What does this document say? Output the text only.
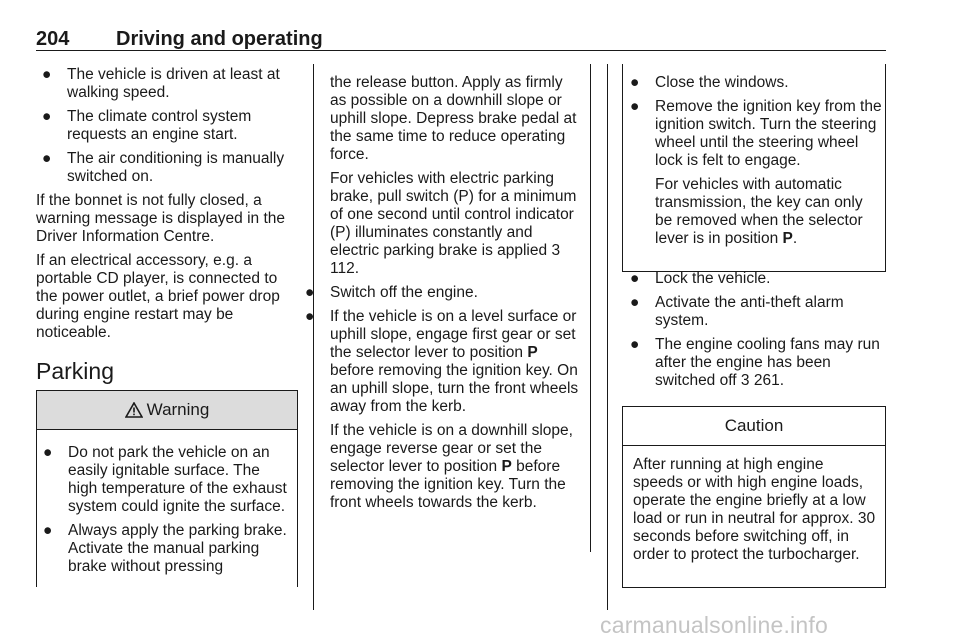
204 Driving and operating
● The vehicle is driven at least at walking speed.
● The climate control system requests an engine start.
● The air conditioning is manually switched on.

If the bonnet is not fully closed, a warning message is displayed in the Driver Information Centre.

If an electrical accessory, e.g. a portable CD player, is connected to the power outlet, a brief power drop during engine restart may be noticeable.

Parking
Warning
● Do not park the vehicle on an easily ignitable surface. The high temperature of the exhaust system could ignite the surface.
● Always apply the parking brake. Activate the manual parking brake without pressing

the release button. Apply as firmly as possible on a downhill slope or uphill slope. Depress brake pedal at the same time to reduce operating force.

For vehicles with electric parking brake, pull switch (P) for a minimum of one second until control indicator (P) illuminates constantly and electric parking brake is applied 3 112.

● Switch off the engine.
● If the vehicle is on a level surface or uphill slope, engage first gear or set the selector lever to position P before removing the ignition key. On an uphill slope, turn the front wheels away from the kerb.

If the vehicle is on a downhill slope, engage reverse gear or set the selector lever to position P before removing the ignition key. Turn the front wheels towards the kerb.

● Close the windows.
● Remove the ignition key from the ignition switch. Turn the steering wheel until the steering wheel lock is felt to engage.

For vehicles with automatic transmission, the key can only be removed when the selector lever is in position P.

● Lock the vehicle.
● Activate the anti-theft alarm system.
● The engine cooling fans may run after the engine has been switched off 3 261.
Caution
After running at high engine speeds or with high engine loads, operate the engine briefly at a low load or run in neutral for approx. 30 seconds before switching off, in order to protect the turbocharger.
carmanualsonline.info
